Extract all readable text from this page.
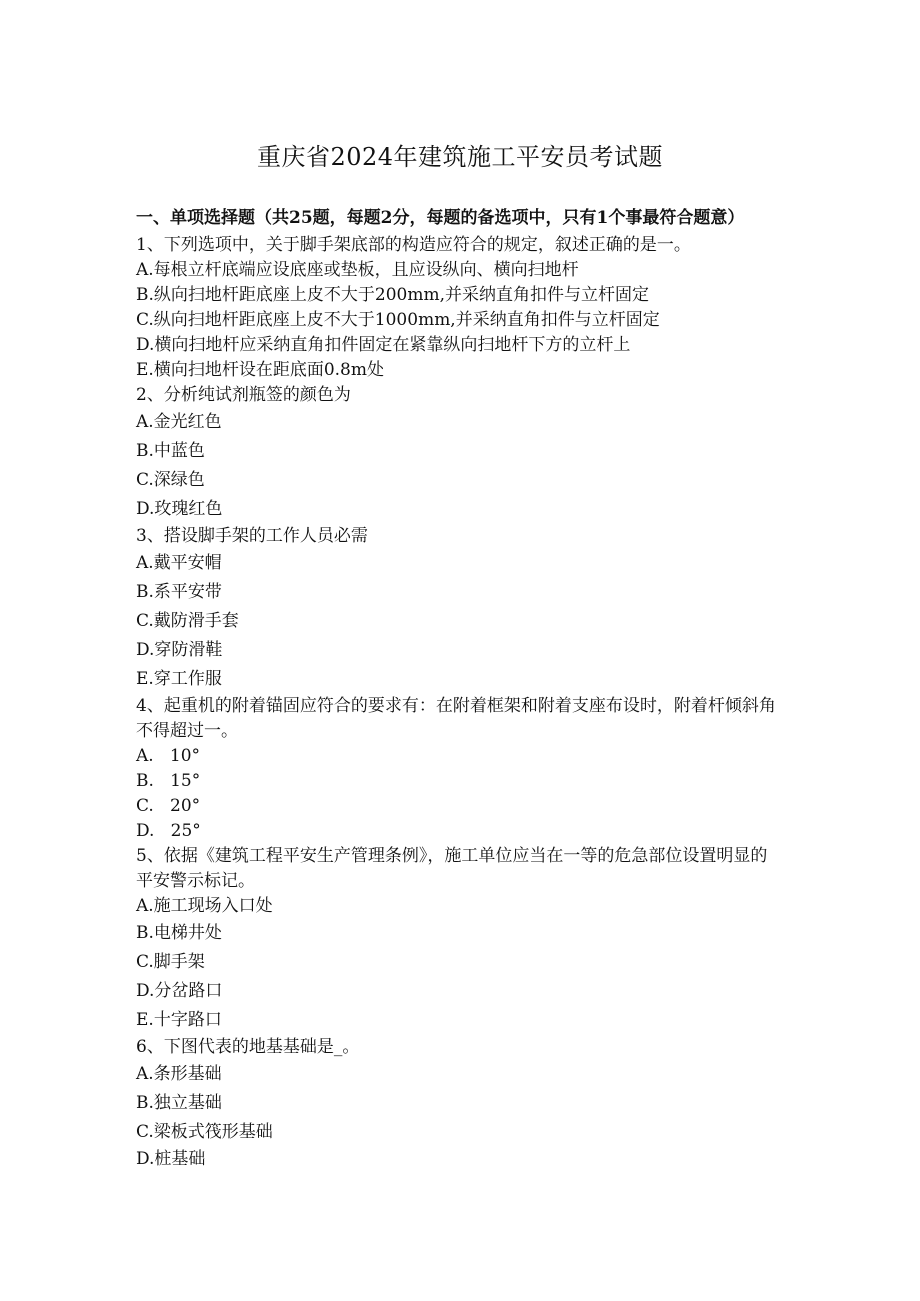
重庆省2024年建筑施工平安员考试题
一、单项选择题（共25题，每题2分，每题的备选项中，只有1个事最符合题意）
1、下列选项中，关于脚手架底部的构造应符合的规定，叙述正确的是一。
A.每根立杆底端应设底座或垫板，且应设纵向、横向扫地杆
B.纵向扫地杆距底座上皮不大于200mm,并采纳直角扣件与立杆固定
C.纵向扫地杆距底座上皮不大于1000mm,并采纳直角扣件与立杆固定
D.横向扫地杆应采纳直角扣件固定在紧靠纵向扫地杆下方的立杆上
E.横向扫地杆设在距底面0.8m处
2、分析纯试剂瓶签的颜色为
A.金光红色
B.中蓝色
C.深绿色
D.玫瑰红色
3、搭设脚手架的工作人员必需
A.戴平安帽
B.系平安带
C.戴防滑手套
D.穿防滑鞋
E.穿工作服
4、起重机的附着锚固应符合的要求有：在附着框架和附着支座布设时，附着杆倾斜角不得超过一。
A.   10°
B.   15°
C.   20°
D.   25°
5、依据《建筑工程平安生产管理条例》，施工单位应当在一等的危急部位设置明显的平安警示标记。
A.施工现场入口处
B.电梯井处
C.脚手架
D.分岔路口
E.十字路口
6、下图代表的地基基础是_。
A.条形基础
B.独立基础
C.梁板式筏形基础
D.桩基础
